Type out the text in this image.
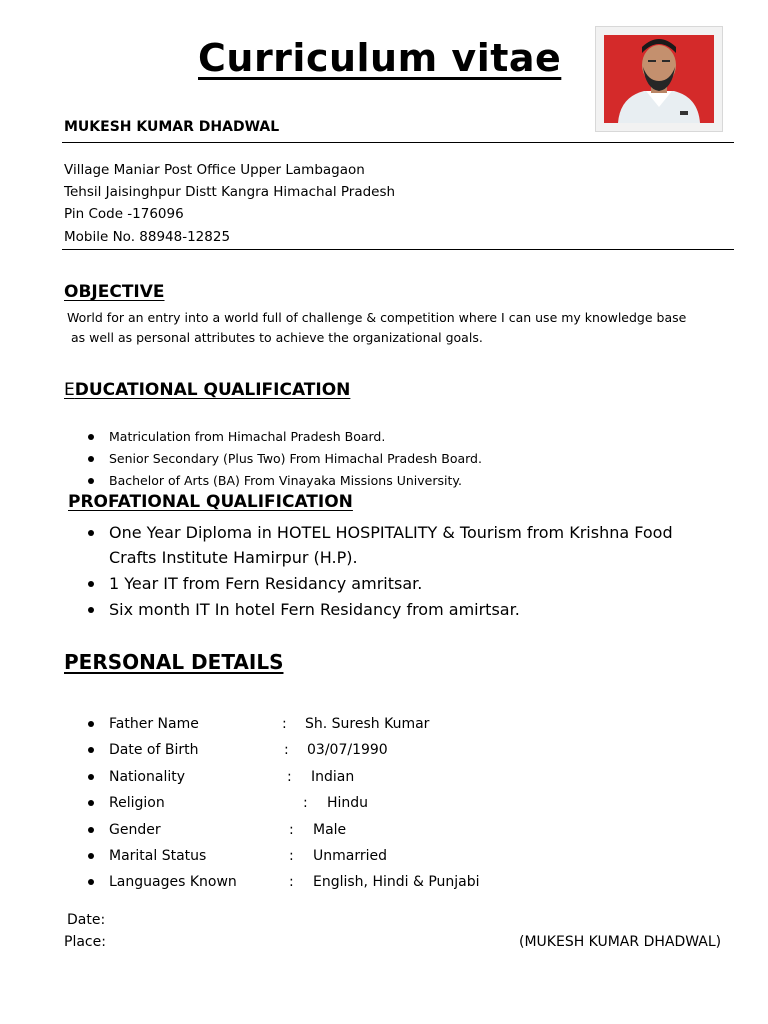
Curriculum vitae
MUKESH KUMAR DHADWAL
Village Maniar Post Office Upper Lambagaon
Tehsil Jaisinghpur Distt Kangra Himachal Pradesh
Pin Code -176096
Mobile No. 88948-12825
OBJECTIVE
World for an entry into a world full of challenge & competition where I can use my knowledge base
as well as personal attributes to achieve the organizational goals.
EDUCATIONAL QUALIFICATION
Matriculation from Himachal Pradesh Board.
Senior Secondary (Plus Two) From Himachal Pradesh Board.
Bachelor of Arts (BA) From Vinayaka Missions University.
PROFATIONAL QUALIFICATION
One Year Diploma in HOTEL HOSPITALITY & Tourism from Krishna Food Crafts Institute Hamirpur (H.P).
1 Year IT from Fern Residancy amritsar.
Six month IT In hotel Fern Residancy from amirtsar.
PERSONAL DETAILS
Father Name	: Sh. Suresh Kumar
Date of Birth	: 03/07/1990
Nationality	: Indian
Religion	: Hindu
Gender	: Male
Marital Status	: Unmarried
Languages Known	: English, Hindi & Punjabi
Date:
Place:	(MUKESH KUMAR DHADWAL)
